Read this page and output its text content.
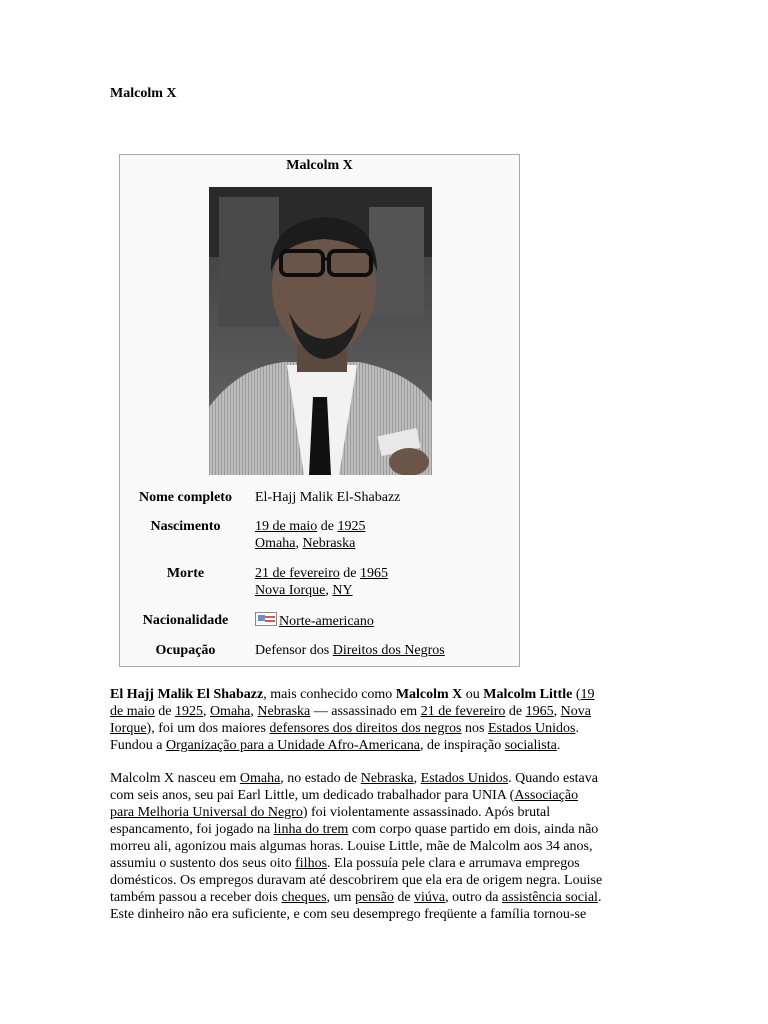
Malcolm X
Malcolm X
Nome completo	El-Hajj Malik El-Shabazz
Nascimento	19 de maio de 1925
Omaha, Nebraska
Morte	21 de fevereiro de 1965
Nova Iorque, NY
Nacionalidade	Norte-americano
Ocupação	Defensor dos Direitos dos Negros

El Hajj Malik El Shabazz, mais conhecido como Malcolm X ou Malcolm Little (19
de maio de 1925, Omaha, Nebraska — assassinado em 21 de fevereiro de 1965, Nova
Iorque), foi um dos maiores defensores dos direitos dos negros nos Estados Unidos.
Fundou a Organização para a Unidade Afro-Americana, de inspiração socialista.

Malcolm X nasceu em Omaha, no estado de Nebraska, Estados Unidos. Quando estava
com seis anos, seu pai Earl Little, um dedicado trabalhador para UNIA (Associação
para Melhoria Universal do Negro) foi violentamente assassinado. Após brutal
espancamento, foi jogado na linha do trem com corpo quase partido em dois, ainda não
morreu ali, agonizou mais algumas horas. Louise Little, mãe de Malcolm aos 34 anos,
assumiu o sustento dos seus oito filhos. Ela possuía pele clara e arrumava empregos
domésticos. Os empregos duravam até descobrirem que ela era de origem negra. Louise
também passou a receber dois cheques, um pensão de viúva, outro da assistência social.
Este dinheiro não era suficiente, e com seu desemprego freqüente a família tornou-se
